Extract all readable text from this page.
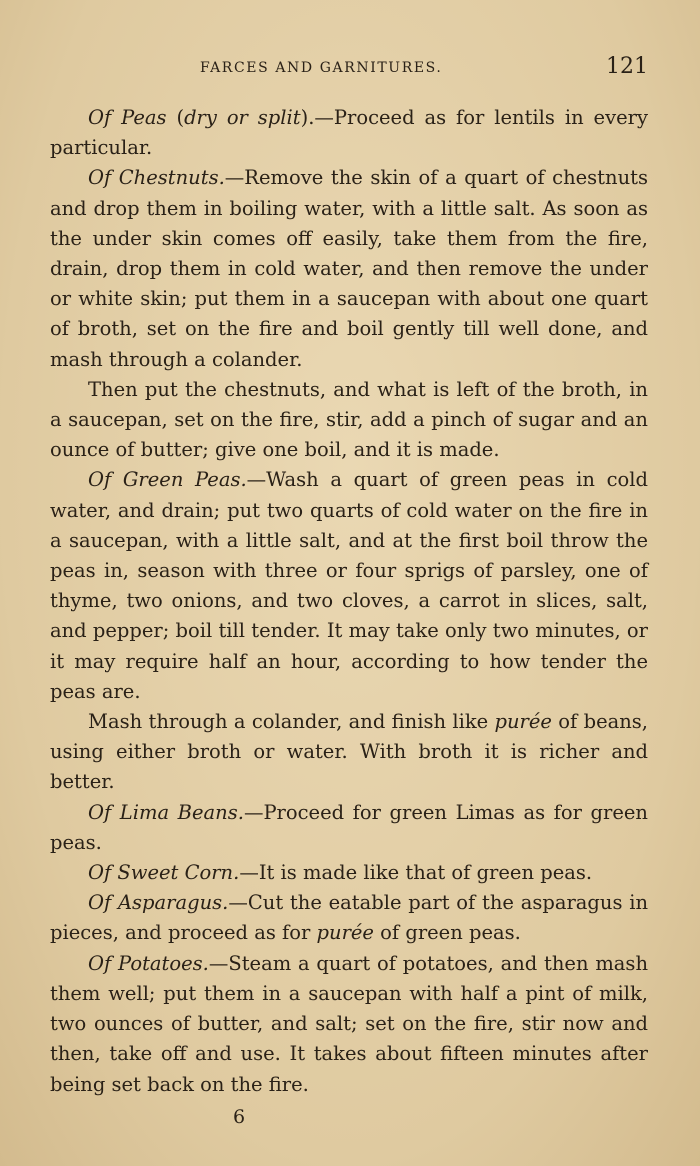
FARCES AND GARNITURES.	121

Of Peas (dry or split).—Proceed as for lentils in every particular.

Of Chestnuts.—Remove the skin of a quart of chestnuts and drop them in boiling water, with a little salt. As soon as the under skin comes off easily, take them from the fire, drain, drop them in cold water, and then remove the under or white skin; put them in a saucepan with about one quart of broth, set on the fire and boil gently till well done, and mash through a colander.

Then put the chestnuts, and what is left of the broth, in a saucepan, set on the fire, stir, add a pinch of sugar and an ounce of butter; give one boil, and it is made.

Of Green Peas.—Wash a quart of green peas in cold water, and drain; put two quarts of cold water on the fire in a saucepan, with a little salt, and at the first boil throw the peas in, season with three or four sprigs of parsley, one of thyme, two onions, and two cloves, a carrot in slices, salt, and pepper; boil till tender. It may take only two minutes, or it may require half an hour, according to how tender the peas are.

Mash through a colander, and finish like purée of beans, using either broth or water. With broth it is richer and better.

Of Lima Beans.—Proceed for green Limas as for green peas.

Of Sweet Corn.—It is made like that of green peas.

Of Asparagus.—Cut the eatable part of the asparagus in pieces, and proceed as for purée of green peas.

Of Potatoes.—Steam a quart of potatoes, and then mash them well; put them in a saucepan with half a pint of milk, two ounces of butter, and salt; set on the fire, stir now and then, take off and use. It takes about fifteen minutes after being set back on the fire.

6
